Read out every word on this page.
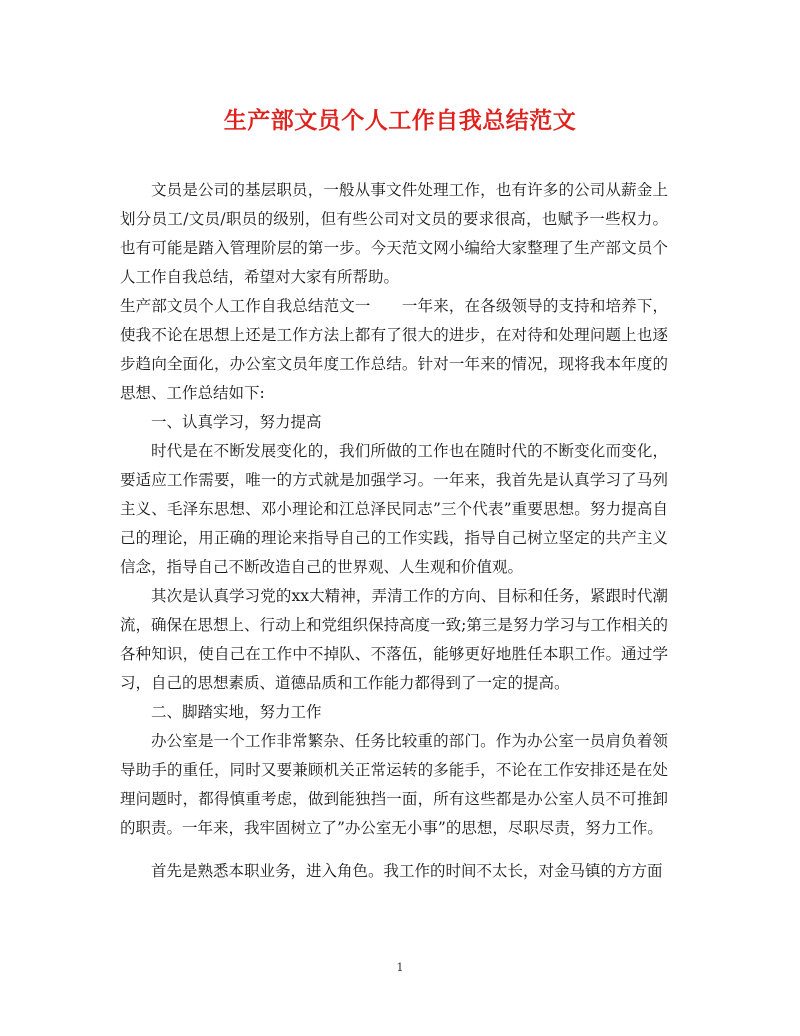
生产部文员个人工作自我总结范文

文员是公司的基层职员，一般从事文件处理工作，也有许多的公司从薪金上划分员工/文员/职员的级别，但有些公司对文员的要求很高，也赋予一些权力。也有可能是踏入管理阶层的第一步。今天范文网小编给大家整理了生产部文员个人工作自我总结，希望对大家有所帮助。

生产部文员个人工作自我总结范文一　　一年来，在各级领导的支持和培养下，使我不论在思想上还是工作方法上都有了很大的进步，在对待和处理问题上也逐步趋向全面化，办公室文员年度工作总结。针对一年来的情况，现将我本年度的思想、工作总结如下:

一、认真学习，努力提高

时代是在不断发展变化的，我们所做的工作也在随时代的不断变化而变化，要适应工作需要，唯一的方式就是加强学习。一年来，我首先是认真学习了马列主义、毛泽东思想、邓小理论和江总泽民同志”三个代表”重要思想。努力提高自己的理论，用正确的理论来指导自己的工作实践，指导自己树立坚定的共产主义信念，指导自己不断改造自己的世界观、人生观和价值观。

其次是认真学习党的xx大精神，弄清工作的方向、目标和任务，紧跟时代潮流，确保在思想上、行动上和党组织保持高度一致;第三是努力学习与工作相关的各种知识，使自己在工作中不掉队、不落伍，能够更好地胜任本职工作。通过学习，自己的思想素质、道德品质和工作能力都得到了一定的提高。

二、脚踏实地，努力工作

办公室是一个工作非常繁杂、任务比较重的部门。作为办公室一员肩负着领导助手的重任，同时又要兼顾机关正常运转的多能手，不论在工作安排还是在处理问题时，都得慎重考虑，做到能独挡一面，所有这些都是办公室人员不可推卸的职责。一年来，我牢固树立了”办公室无小事”的思想，尽职尽责，努力工作。

首先是熟悉本职业务，进入角色。我工作的时间不太长，对金马镇的方方面

1
